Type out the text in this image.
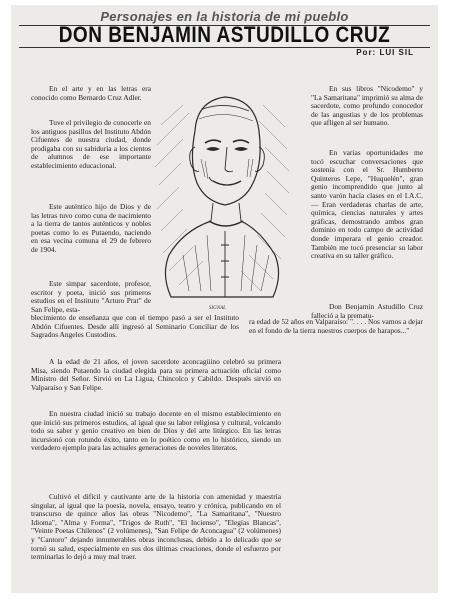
Personajes en la historia de mi pueblo
DON BENJAMIN ASTUDILLO CRUZ
Por: LUI SIL

En el arte y en las letras era conocido como Bernardo Cruz Adler.

Tuve el privilegio de conocerle en los antiguos pasillos del Instituto Abdón Cifuentes de nuestra ciudad, donde prodigaba con su sabiduría a los cientos de alumnos de ese importante establecimiento educacional.

Este auténtico hijo de Dios y de las letras tuvo como cuna de nacimiento a la tierra de tantos auténticos y nobles poetas como lo es Putaendo, naciendo en esa vecina comuna el 29 de febrero de 1904.

Este simpar sacerdote, profesor, escritor y poeta, inició sus primeros estudios en el Instituto "Arturo Prat" de San Felipe, esta-	SIGNAL

En sus libros "Nicodemo" y "La Samaritana" imprimió su alma de sacerdote, como profundo conocedor de las angustias y de los problemas que afligen al ser humano.

En varias oportunidades me tocó escuchar conversaciones que sostenía con el Sr. Humberto Quinteros Lepe, "Huquelén", gran genio incomprendido que junto al santo varón hacía clases en el I.A.C.— Eran verdaderas charlas de arte, química, ciencias naturales y artes gráficas, demostrando ambos gran dominio en todo campo de actividad donde imperara el genio creador. También me tocó presenciar su labor creativa en su taller gráfico.

Don Benjamín Astudillo Cruz falleció a la prematu-

blecimiento de enseñanza que con el tiempo pasó a ser el Instituto Abdón Cifuentes. Desde allí ingresó al Seminario Conciliar de los Sagrados Angeles Custodios.

ra edad de 52 años en Valparaíso: ". . . . Nos vamos a dejar en el fondo de la tierra nuestros cuerpos de harapos..."

A la edad de 21 años, el joven sacerdote aconcagüino celebró su primera Misa, siendo Putaendo la ciudad elegida para su primera actuación oficial como Ministro del Señor. Sirvió en La Ligua, Chincolco y Cabildo. Después sirvió en Valparaíso y San Felipe.

En nuestra ciudad inició su trabajo docente en el mismo establecimiento en que inició sus primeros estudios, al igual que su labor religiosa y cultural, volcando todo su saber y genio creativo en bien de Dios y del arte litúrgico. En las letras incursionó con rotundo éxito, tanto en lo poético como en lo histórico, siendo un verdadero ejemplo para las actuales generaciones de noveles literatos.

Cultivó el difícil y cautivante arte de la historia con amenidad y maestría singular, al igual que la poesía, novela, ensayo, teatro y crónica, publicando en el transcurso de quince años las obras "Nicodemo", "La Samaritana", "Nuestro Idioma", "Alma y Forma", "Trigos de Ruth", "El Incienso", "Elegías Blancas", "Veinte Poetas Chilenos" (2 volúmenes), "San Felipe de Aconcagua" (2 volúmenes) y "Cantoro" dejando innumerables obras inconclusas, debido a lo delicado que se tornó su salud, especialmente en sus dos últimas creaciones, donde el esfuerzo por terminarlas lo dejó a muy mal traer.
